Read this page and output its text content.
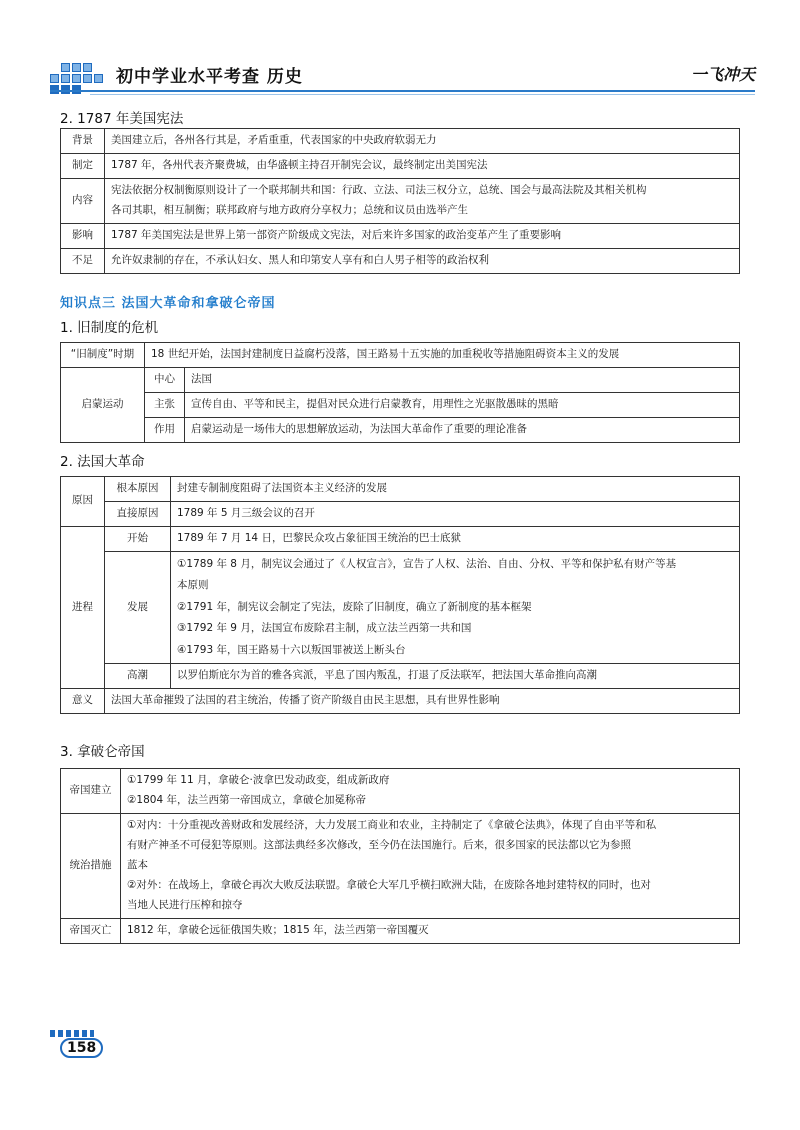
初中学业水平考查 历史	一飞冲天
2. 1787 年美国宪法
背景	美国建立后，各州各行其是，矛盾重重，代表国家的中央政府软弱无力

制定	1787 年，各州代表齐聚费城，由华盛顿主持召开制宪会议，最终制定出美国宪法

内容	宪法依据分权制衡原则设计了一个联邦制共和国：行政、立法、司法三权分立，总统、国会与最高法院及其相关机构
各司其职，相互制衡；联邦政府与地方政府分享权力；总统和议员由选举产生

影响	1787 年美国宪法是世界上第一部资产阶级成文宪法，对后来许多国家的政治变革产生了重要影响

不足	允许奴隶制的存在，不承认妇女、黑人和印第安人享有和白人男子相等的政治权利
知识点三 法国大革命和拿破仑帝国
1. 旧制度的危机
“旧制度”时期	18 世纪开始，法国封建制度日益腐朽没落，国王路易十五实施的加重税收等措施阻碍资本主义的发展	
启蒙运动	中心	法国
	主张	宣传自由、平等和民主，提倡对民众进行启蒙教育，用理性之光驱散愚昧的黑暗
	作用	启蒙运动是一场伟大的思想解放运动，为法国大革命作了重要的理论准备
2. 法国大革命
原因	根本原因	封建专制制度阻碍了法国资本主义经济的发展
	直接原因	1789 年 5 月三级会议的召开
进程	开始	1789 年 7 月 14 日，巴黎民众攻占象征国王统治的巴士底狱
	发展	①1789 年 8 月，制宪议会通过了《人权宣言》，宣告了人权、法治、自由、分权、平等和保护私有财产等基
本原则
②1791 年，制宪议会制定了宪法，废除了旧制度，确立了新制度的基本框架
③1792 年 9 月，法国宣布废除君主制，成立法兰西第一共和国
④1793 年，国王路易十六以叛国罪被送上断头台

	高潮	以罗伯斯庇尔为首的雅各宾派，平息了国内叛乱，打退了反法联军，把法国大革命推向高潮
意义	法国大革命摧毁了法国的君主统治，传播了资产阶级自由民主思想，具有世界性影响	
3. 拿破仑帝国
帝国建立	①1799 年 11 月，拿破仑·波拿巴发动政变，组成新政府
②1804 年，法兰西第一帝国成立，拿破仑加冕称帝

统治措施	①对内：十分重视改善财政和发展经济，大力发展工商业和农业，主持制定了《拿破仑法典》，体现了自由平等和私
有财产神圣不可侵犯等原则。这部法典经多次修改，至今仍在法国施行。后来，很多国家的民法都以它为参照
蓝本
②对外：在战场上，拿破仑再次大败反法联盟。拿破仑大军几乎横扫欧洲大陆，在废除各地封建特权的同时，也对
当地人民进行压榨和掠夺

帝国灭亡	1812 年，拿破仑远征俄国失败；1815 年，法兰西第一帝国覆灭
158
